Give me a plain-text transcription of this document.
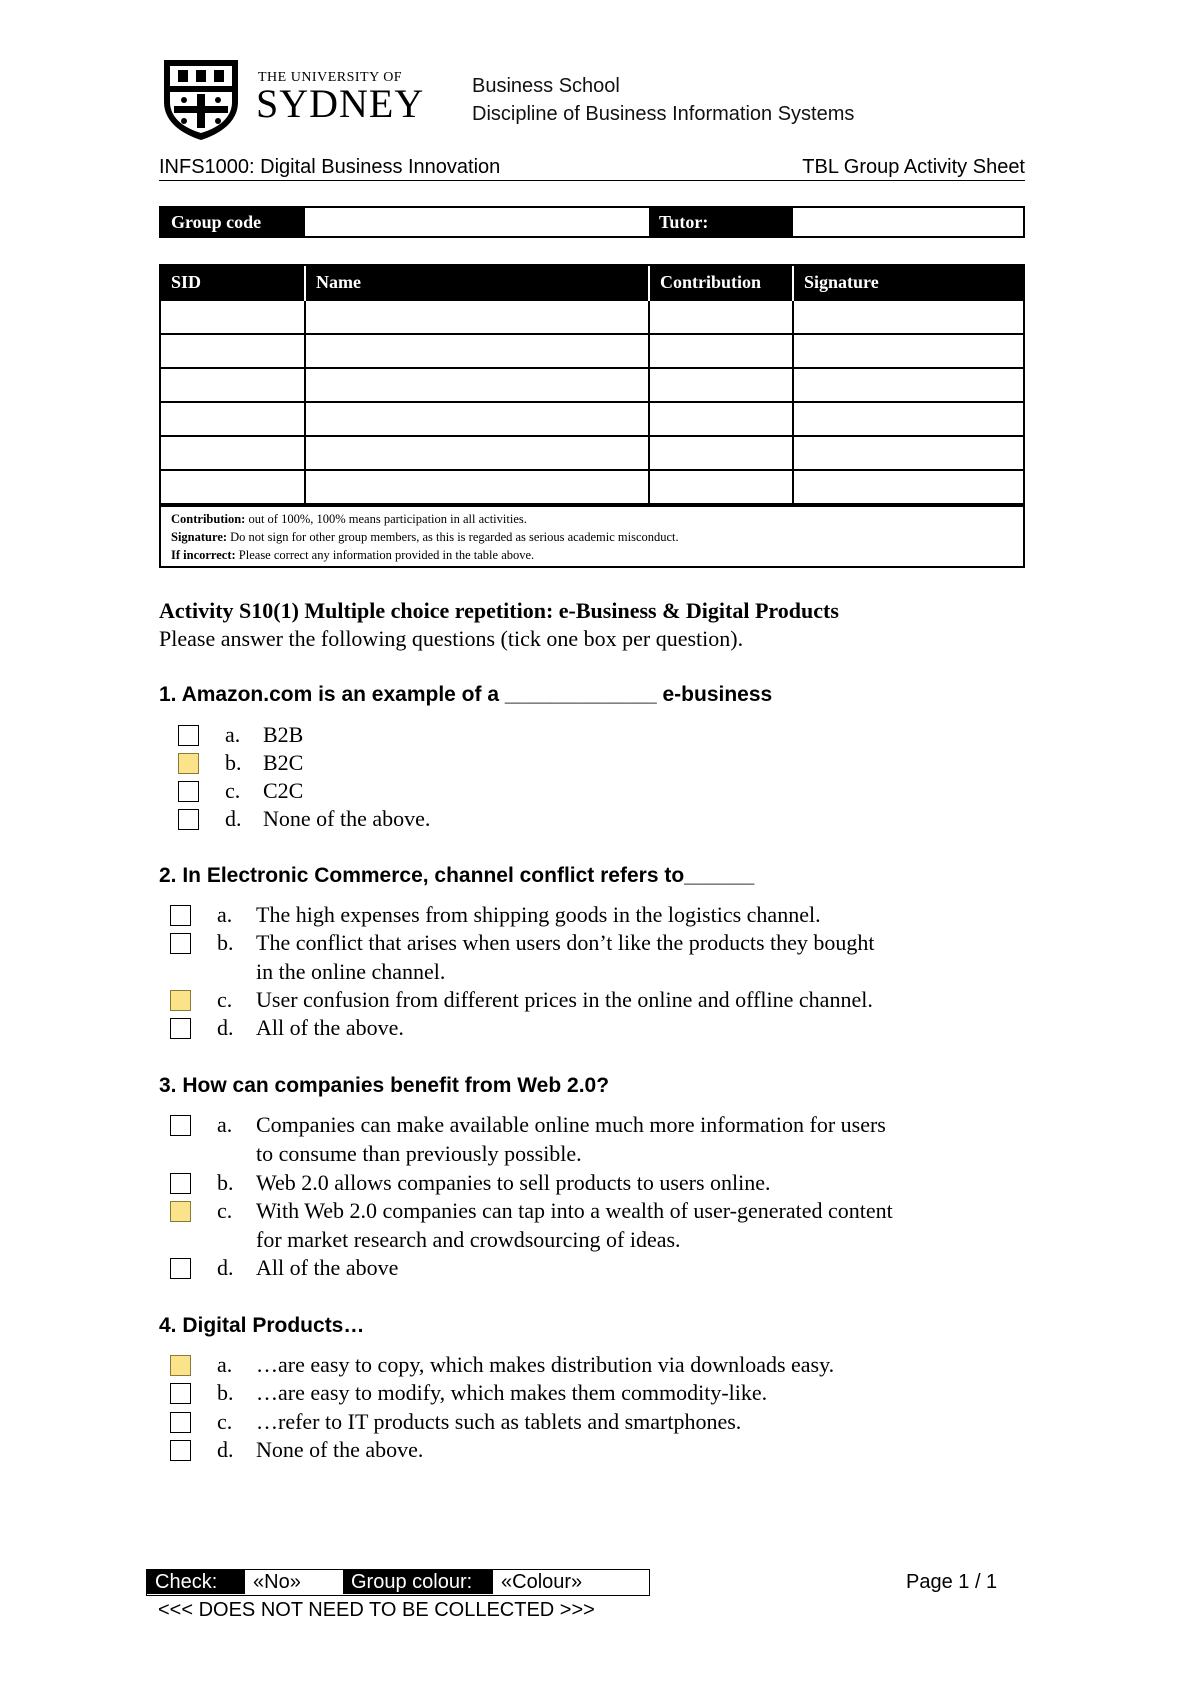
THE UNIVERSITY OF
SYDNEY Business School
Discipline of Business Information Systems
INFS1000: Digital Business Innovation	TBL Group Activity Sheet
Group code	Tutor:
SID	Name	Contribution	Signature

Contribution: out of 100%, 100% means participation in all activities.
Signature: Do not sign for other group members, as this is regarded as serious academic misconduct.
If incorrect: Please correct any information provided in the table above.
Activity S10(1) Multiple choice repetition: e-Business & Digital Products
Please answer the following questions (tick one box per question).
1. Amazon.com is an example of a _____________ e-business
a. B2B
b. B2C
c. C2C
d. None of the above.
2. In Electronic Commerce, channel conflict refers to______
a. The high expenses from shipping goods in the logistics channel.
b. The conflict that arises when users don’t like the products they bought
in the online channel.
c. User confusion from different prices in the online and offline channel.
d. All of the above.
3. How can companies benefit from Web 2.0?
a. Companies can make available online much more information for users
to consume than previously possible.
b. Web 2.0 allows companies to sell products to users online.
c. With Web 2.0 companies can tap into a wealth of user-generated content
for market research and crowdsourcing of ideas.
d. All of the above
4. Digital Products…
a. …are easy to copy, which makes distribution via downloads easy.
b. …are easy to modify, which makes them commodity-like.
c. …refer to IT products such as tablets and smartphones.
d. None of the above.
Check:	«No»	Group colour:	«Colour»	Page 1 / 1
<<< DOES NOT NEED TO BE COLLECTED >>>
